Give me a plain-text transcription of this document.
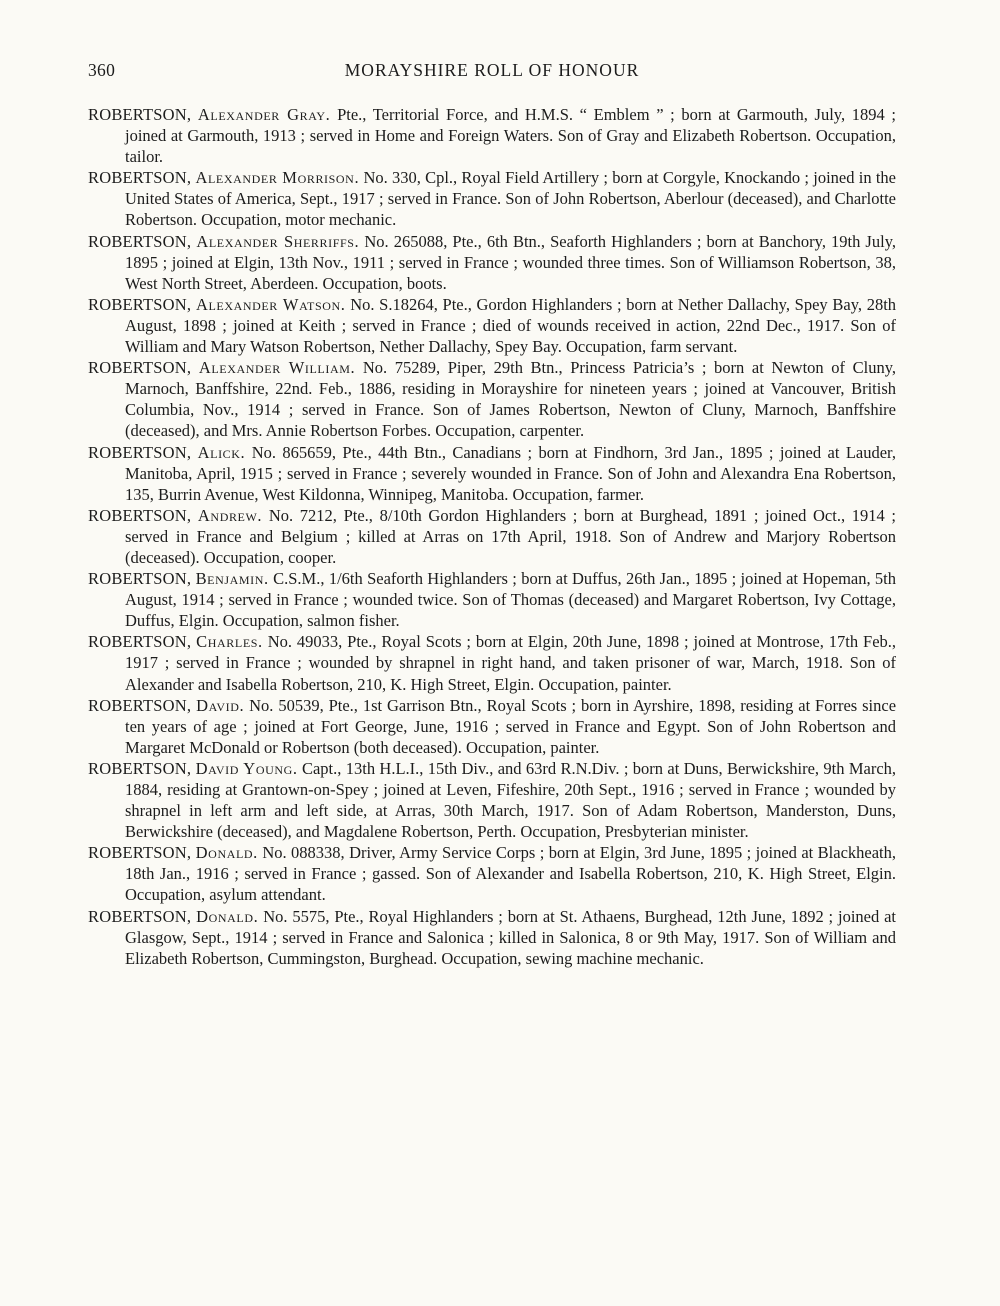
360	MORAYSHIRE ROLL OF HONOUR

ROBERTSON, Alexander Gray. Pte., Territorial Force, and H.M.S. “ Emblem ” ; born at Garmouth, July, 1894 ; joined at Garmouth, 1913 ; served in Home and Foreign Waters. Son of Gray and Elizabeth Robertson. Occupation, tailor.

ROBERTSON, Alexander Morrison. No. 330, Cpl., Royal Field Artillery ; born at Corgyle, Knockando ; joined in the United States of America, Sept., 1917 ; served in France. Son of John Robertson, Aberlour (deceased), and Charlotte Robertson. Occupation, motor mechanic.

ROBERTSON, Alexander Sherriffs. No. 265088, Pte., 6th Btn., Seaforth Highlanders ; born at Banchory, 19th July, 1895 ; joined at Elgin, 13th Nov., 1911 ; served in France ; wounded three times. Son of Williamson Robertson, 38, West North Street, Aberdeen. Occupation, boots.

ROBERTSON, Alexander Watson. No. S.18264, Pte., Gordon Highlanders ; born at Nether Dallachy, Spey Bay, 28th August, 1898 ; joined at Keith ; served in France ; died of wounds received in action, 22nd Dec., 1917. Son of William and Mary Watson Robertson, Nether Dallachy, Spey Bay. Occupation, farm servant.

ROBERTSON, Alexander William. No. 75289, Piper, 29th Btn., Princess Patricia’s ; born at Newton of Cluny, Marnoch, Banffshire, 22nd. Feb., 1886, residing in Morayshire for nineteen years ; joined at Vancouver, British Columbia, Nov., 1914 ; served in France. Son of James Robertson, Newton of Cluny, Marnoch, Banffshire (deceased), and Mrs. Annie Robertson Forbes. Occupation, carpenter.

ROBERTSON, Alick. No. 865659, Pte., 44th Btn., Canadians ; born at Findhorn, 3rd Jan., 1895 ; joined at Lauder, Manitoba, April, 1915 ; served in France ; severely wounded in France. Son of John and Alexandra Ena Robertson, 135, Burrin Avenue, West Kildonna, Winnipeg, Manitoba. Occupation, farmer.

ROBERTSON, Andrew. No. 7212, Pte., 8/10th Gordon Highlanders ; born at Burghead, 1891 ; joined Oct., 1914 ; served in France and Belgium ; killed at Arras on 17th April, 1918. Son of Andrew and Marjory Robertson (deceased). Occupation, cooper.

ROBERTSON, Benjamin. C.S.M., 1/6th Seaforth Highlanders ; born at Duffus, 26th Jan., 1895 ; joined at Hopeman, 5th August, 1914 ; served in France ; wounded twice. Son of Thomas (deceased) and Margaret Robertson, Ivy Cottage, Duffus, Elgin. Occupation, salmon fisher.

ROBERTSON, Charles. No. 49033, Pte., Royal Scots ; born at Elgin, 20th June, 1898 ; joined at Montrose, 17th Feb., 1917 ; served in France ; wounded by shrapnel in right hand, and taken prisoner of war, March, 1918. Son of Alexander and Isabella Robertson, 210, K. High Street, Elgin. Occupation, painter.

ROBERTSON, David. No. 50539, Pte., 1st Garrison Btn., Royal Scots ; born in Ayrshire, 1898, residing at Forres since ten years of age ; joined at Fort George, June, 1916 ; served in France and Egypt. Son of John Robertson and Margaret McDonald or Robertson (both deceased). Occupation, painter.

ROBERTSON, David Young. Capt., 13th H.L.I., 15th Div., and 63rd R.N.Div. ; born at Duns, Berwickshire, 9th March, 1884, residing at Grantown-on-Spey ; joined at Leven, Fifeshire, 20th Sept., 1916 ; served in France ; wounded by shrapnel in left arm and left side, at Arras, 30th March, 1917. Son of Adam Robertson, Manderston, Duns, Berwickshire (deceased), and Magdalene Robertson, Perth. Occupation, Presbyterian minister.

ROBERTSON, Donald. No. 088338, Driver, Army Service Corps ; born at Elgin, 3rd June, 1895 ; joined at Blackheath, 18th Jan., 1916 ; served in France ; gassed. Son of Alexander and Isabella Robertson, 210, K. High Street, Elgin. Occupation, asylum attendant.

ROBERTSON, Donald. No. 5575, Pte., Royal Highlanders ; born at St. Athaens, Burghead, 12th June, 1892 ; joined at Glasgow, Sept., 1914 ; served in France and Salonica ; killed in Salonica, 8 or 9th May, 1917. Son of William and Elizabeth Robertson, Cummingston, Burghead. Occupation, sewing machine mechanic.
